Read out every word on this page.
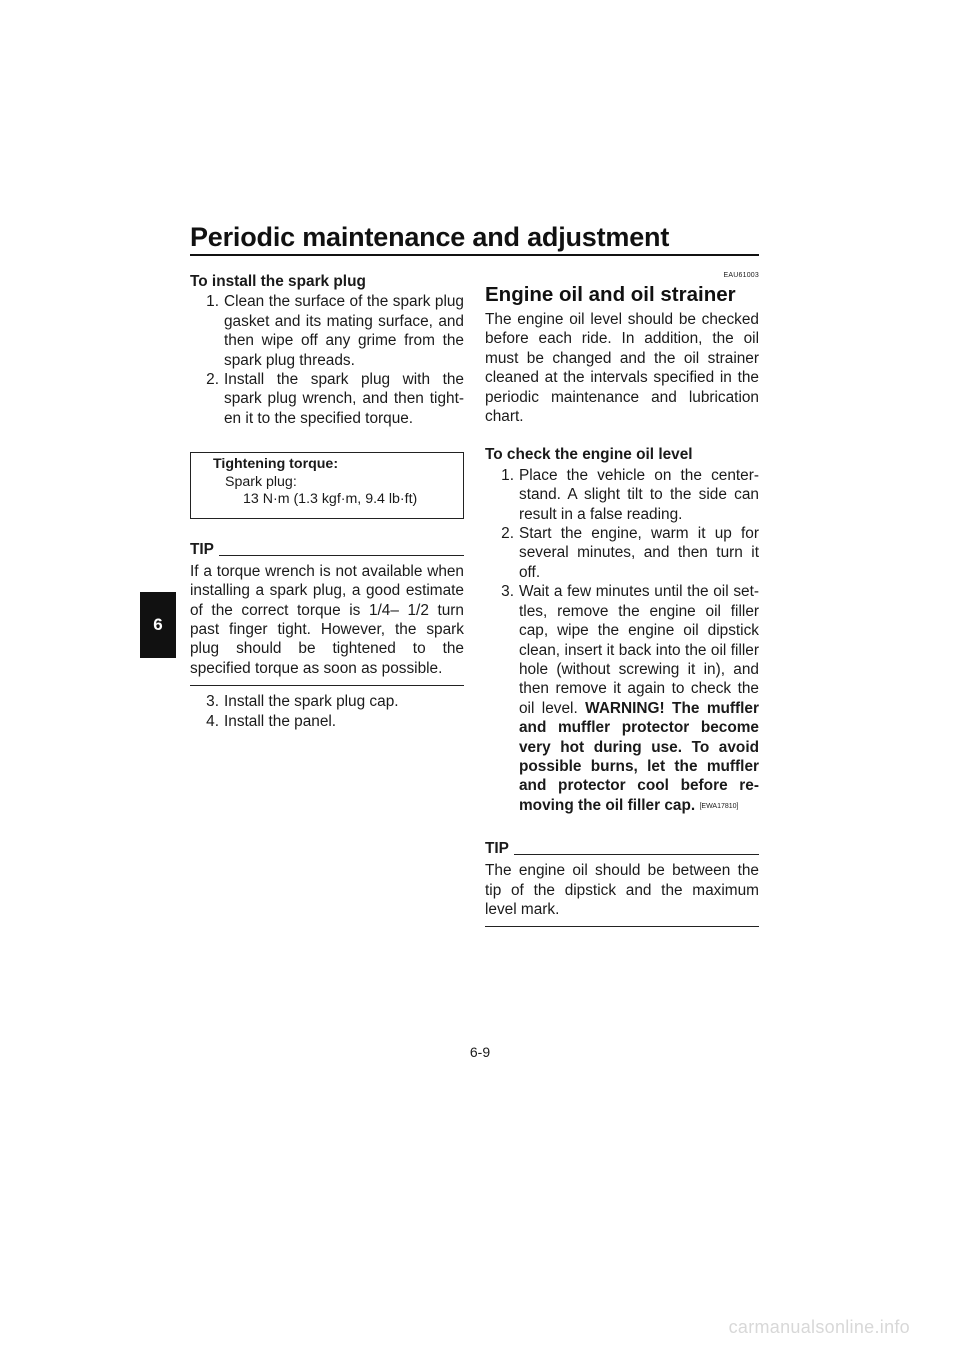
Periodic maintenance and adjustment
6
To install the spark plug
1. Clean the surface of the spark plug gasket and its mating surface, and then wipe off any grime from the spark plug threads.
2. Install the spark plug with the spark plug wrench, and then tighten it to the specified torque.
Tightening torque:
Spark plug:
13 N·m (1.3 kgf·m, 9.4 lb·ft)
TIP
If a torque wrench is not available when installing a spark plug, a good estimate of the correct torque is 1/4– 1/2 turn past finger tight. However, the spark plug should be tightened to the specified torque as soon as possible.
3. Install the spark plug cap.
4. Install the panel.
EAU61003
Engine oil and oil strainer

The engine oil level should be checked before each ride. In addition, the oil must be changed and the oil strainer cleaned at the intervals specified in the periodic maintenance and lubrication chart.

To check the engine oil level
1. Place the vehicle on the centerstand. A slight tilt to the side can result in a false reading.
2. Start the engine, warm it up for several minutes, and then turn it off.
3. Wait a few minutes until the oil settles, remove the engine oil filler cap, wipe the engine oil dipstick clean, insert it back into the oil filler hole (without screwing it in), and then remove it again to check the oil level. WARNING! The muffler and muffler protector become very hot during use. To avoid possible burns, let the muffler and protector cool before removing the oil filler cap. [EWA17810]
TIP
The engine oil should be between the tip of the dipstick and the maximum level mark.
6-9
carmanualsonline.info
